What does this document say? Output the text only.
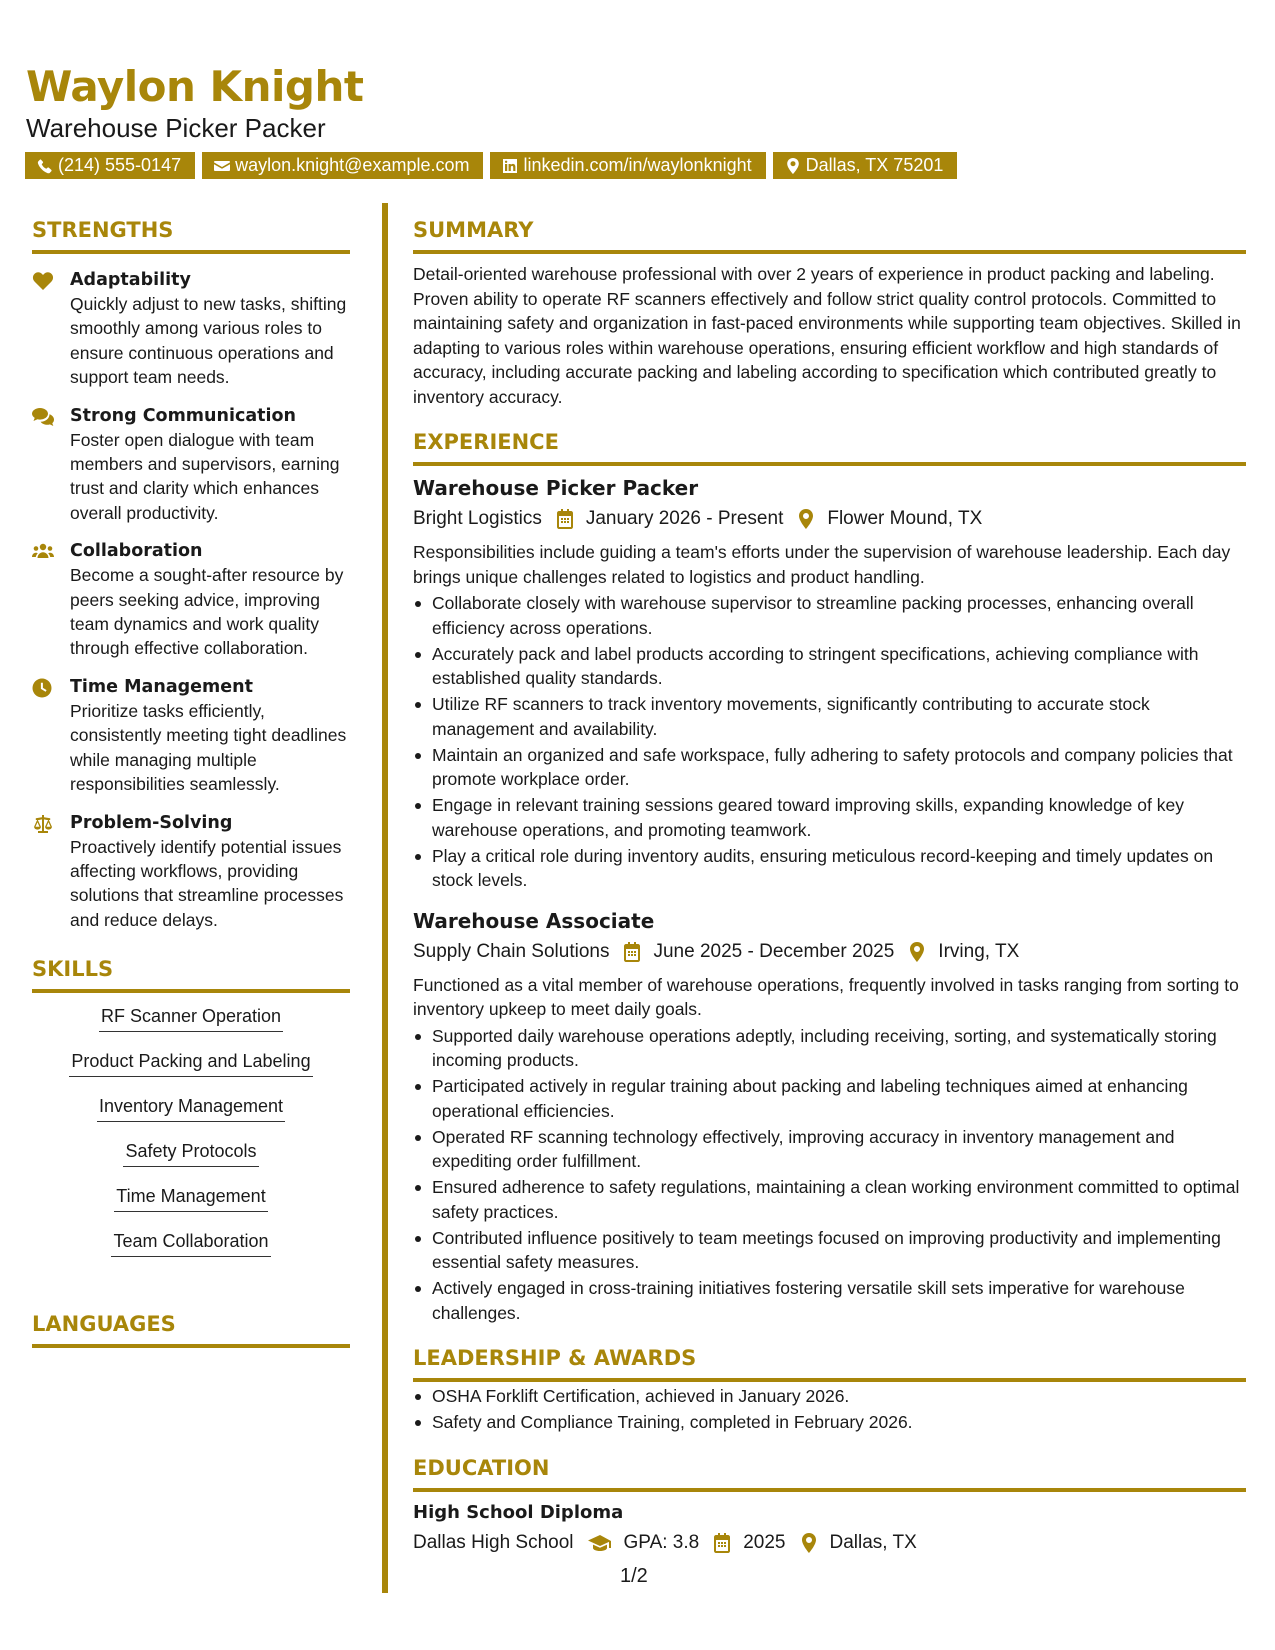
Waylon Knight
Warehouse Picker Packer
(214) 555-0147	waylon.knight@example.com	linkedin.com/in/waylonknight	Dallas, TX 75201
STRENGTHS
Adaptability
Quickly adjust to new tasks, shifting smoothly among various roles to ensure continuous operations and support team needs.
Strong Communication
Foster open dialogue with team members and supervisors, earning trust and clarity which enhances overall productivity.
Collaboration
Become a sought-after resource by peers seeking advice, improving team dynamics and work quality through effective collaboration.
Time Management
Prioritize tasks efficiently, consistently meeting tight deadlines while managing multiple responsibilities seamlessly.
Problem-Solving
Proactively identify potential issues affecting workflows, providing solutions that streamline processes and reduce delays.
SKILLS
RF Scanner Operation
Product Packing and Labeling
Inventory Management
Safety Protocols
Time Management
Team Collaboration
LANGUAGES
SUMMARY

Detail-oriented warehouse professional with over 2 years of experience in product packing and labeling. Proven ability to operate RF scanners effectively and follow strict quality control protocols. Committed to maintaining safety and organization in fast-paced environments while supporting team objectives. Skilled in adapting to various roles within warehouse operations, ensuring efficient workflow and high standards of accuracy, including accurate packing and labeling according to specification which contributed greatly to inventory accuracy.

EXPERIENCE
Warehouse Picker Packer
Bright Logistics January 2026 - Present Flower Mound, TX
Responsibilities include guiding a team's efforts under the supervision of warehouse leadership. Each day brings unique challenges related to logistics and product handling.
Collaborate closely with warehouse supervisor to streamline packing processes, enhancing overall efficiency across operations.
Accurately pack and label products according to stringent specifications, achieving compliance with established quality standards.
Utilize RF scanners to track inventory movements, significantly contributing to accurate stock management and availability.
Maintain an organized and safe workspace, fully adhering to safety protocols and company policies that promote workplace order.
Engage in relevant training sessions geared toward improving skills, expanding knowledge of key warehouse operations, and promoting teamwork.
Play a critical role during inventory audits, ensuring meticulous record-keeping and timely updates on stock levels.
Warehouse Associate
Supply Chain Solutions June 2025 - December 2025 Irving, TX
Functioned as a vital member of warehouse operations, frequently involved in tasks ranging from sorting to inventory upkeep to meet daily goals.
Supported daily warehouse operations adeptly, including receiving, sorting, and systematically storing incoming products.
Participated actively in regular training about packing and labeling techniques aimed at enhancing operational efficiencies.
Operated RF scanning technology effectively, improving accuracy in inventory management and expediting order fulfillment.
Ensured adherence to safety regulations, maintaining a clean working environment committed to optimal safety practices.
Contributed influence positively to team meetings focused on improving productivity and implementing essential safety measures.
Actively engaged in cross-training initiatives fostering versatile skill sets imperative for warehouse challenges.
LEADERSHIP & AWARDS
OSHA Forklift Certification, achieved in January 2026.
Safety and Compliance Training, completed in February 2026.
EDUCATION
High School Diploma
Dallas High School	GPA: 3.8 2025 Dallas, TX
1/2
